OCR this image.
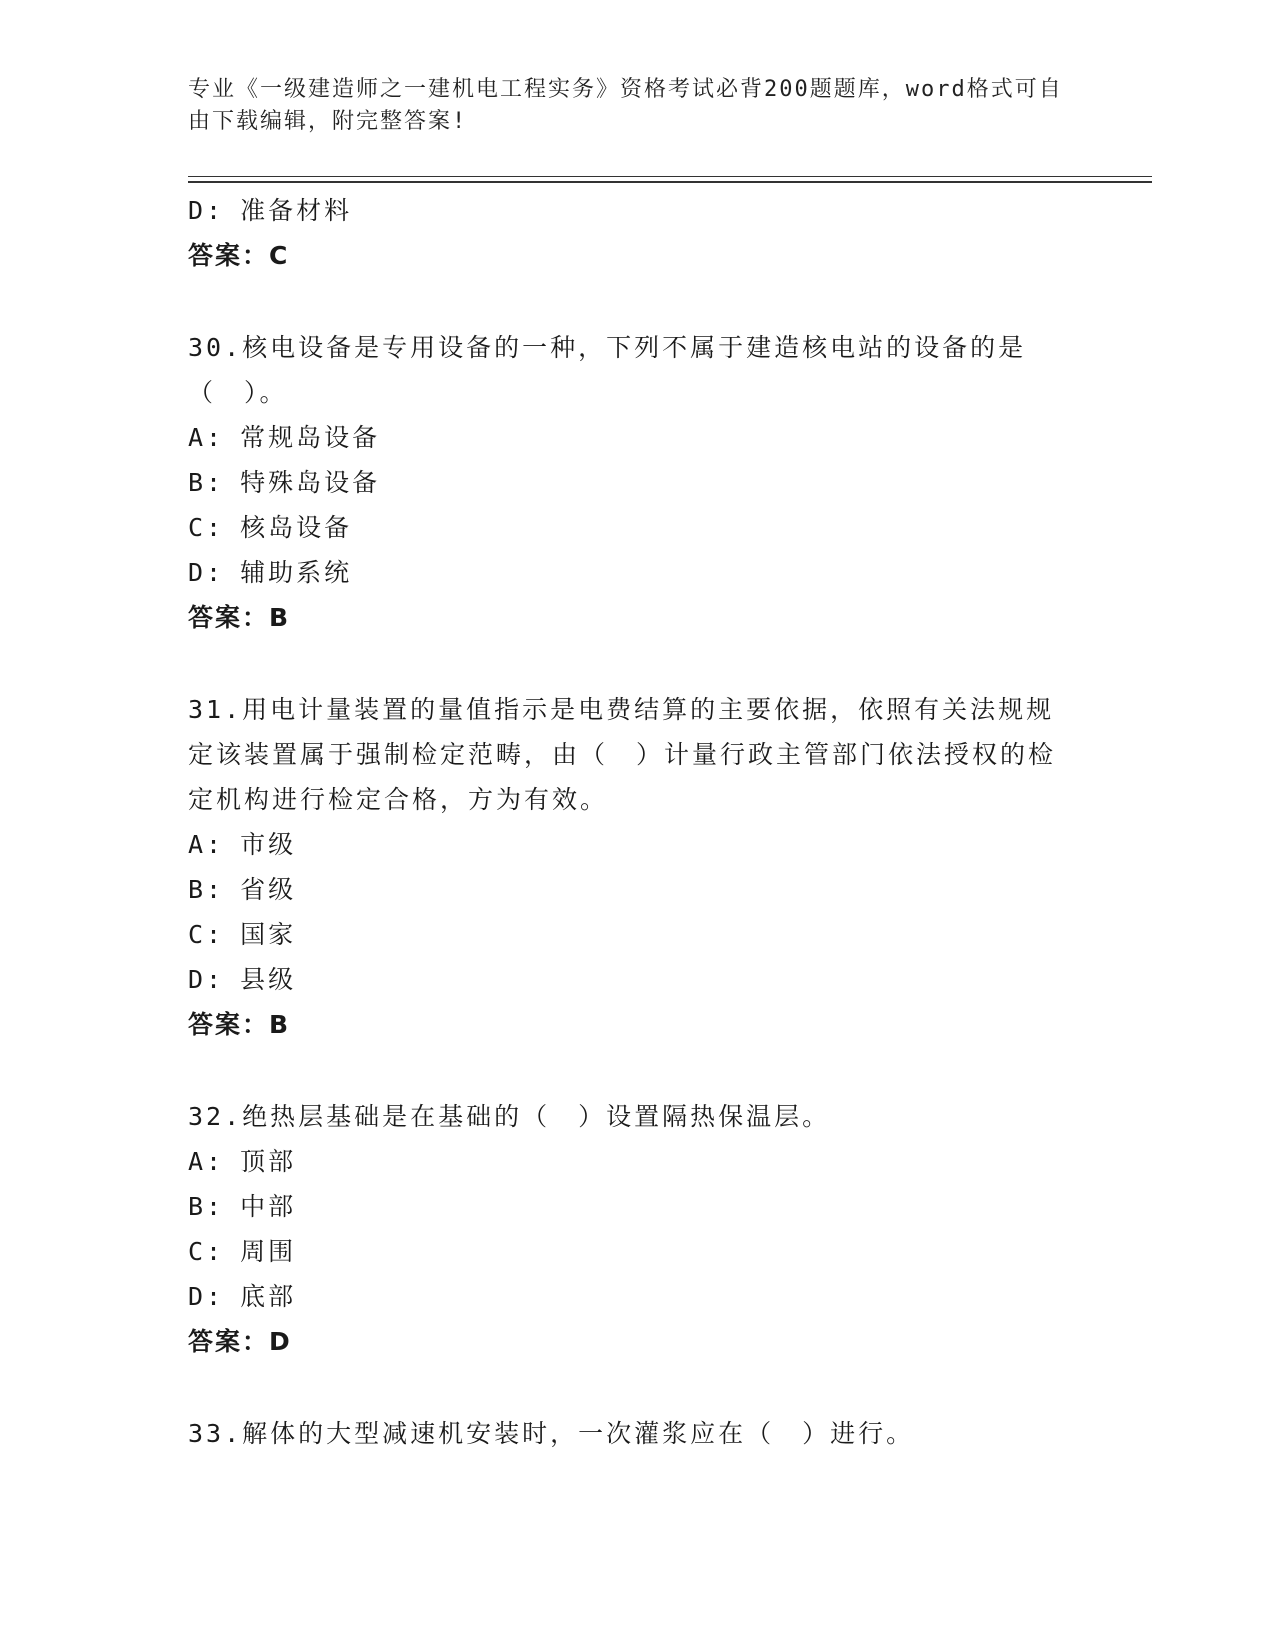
专业《一级建造师之一建机电工程实务》资格考试必背200题题库，word格式可自由下载编辑，附完整答案!
D: 准备材料
答案：C
30.核电设备是专用设备的一种，下列不属于建造核电站的设备的是（　）。
A: 常规岛设备
B: 特殊岛设备
C: 核岛设备
D: 辅助系统
答案：B
31.用电计量装置的量值指示是电费结算的主要依据，依照有关法规规定该装置属于强制检定范畴，由（　）计量行政主管部门依法授权的检定机构进行检定合格，方为有效。
A: 市级
B: 省级
C: 国家
D: 县级
答案：B
32.绝热层基础是在基础的（　）设置隔热保温层。
A: 顶部
B: 中部
C: 周围
D: 底部
答案：D
33.解体的大型减速机安装时，一次灌浆应在（　）进行。
